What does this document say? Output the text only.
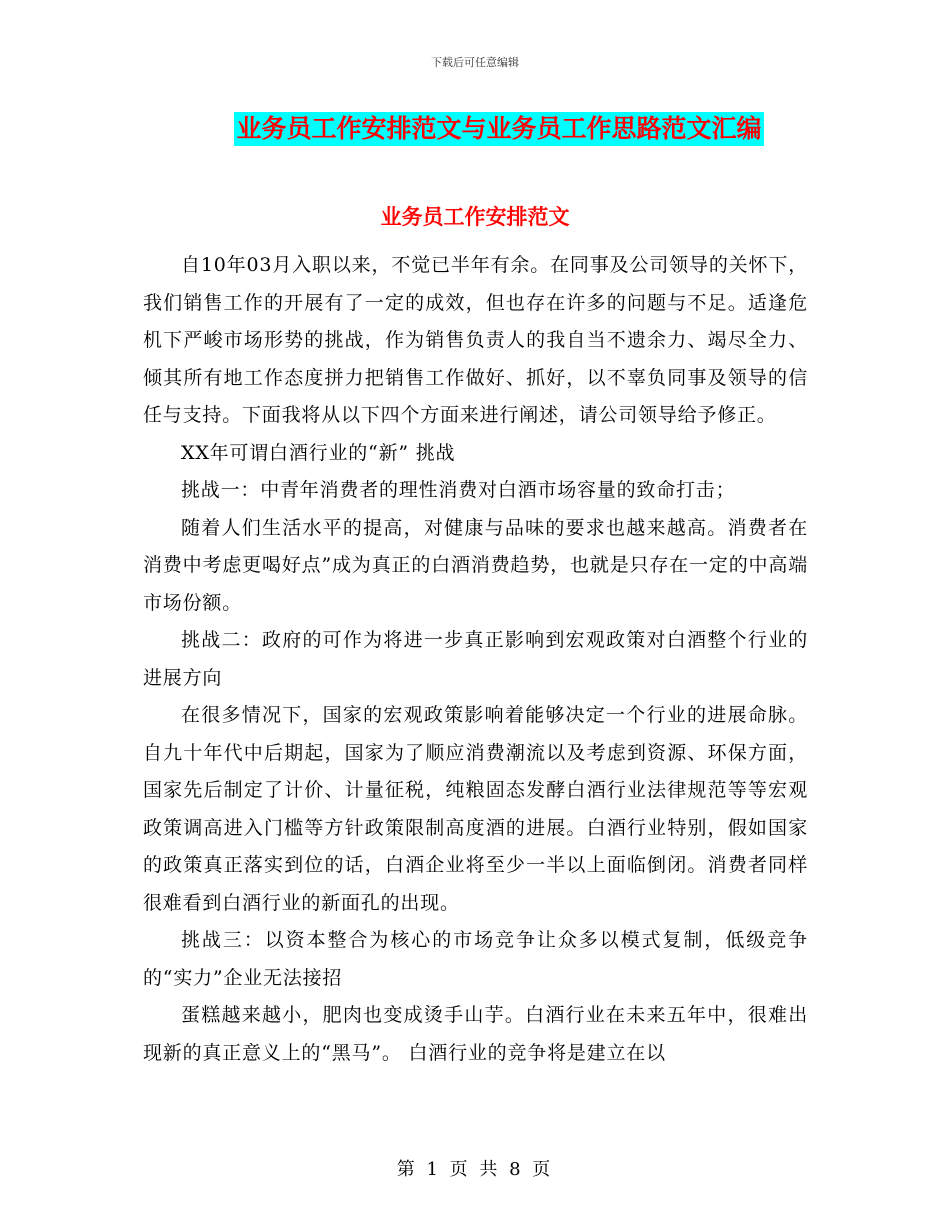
下载后可任意编辑
业务员工作安排范文与业务员工作思路范文汇编
业务员工作安排范文

自10年03月入职以来，不觉已半年有余。在同事及公司领导的关怀下，我们销售工作的开展有了一定的成效，但也存在许多的问题与不足。适逢危机下严峻市场形势的挑战，作为销售负责人的我自当不遗余力、竭尽全力、倾其所有地工作态度拼力把销售工作做好、抓好，以不辜负同事及领导的信任与支持。下面我将从以下四个方面来进行阐述，请公司领导给予修正。

XX年可谓白酒行业的“新” 挑战

挑战一：中青年消费者的理性消费对白酒市场容量的致命打击；

随着人们生活水平的提高，对健康与品味的要求也越来越高。消费者在消费中考虑更喝好点”成为真正的白酒消费趋势，也就是只存在一定的中高端市场份额。

挑战二：政府的可作为将进一步真正影响到宏观政策对白酒整个行业的进展方向

在很多情况下，国家的宏观政策影响着能够决定一个行业的进展命脉。自九十年代中后期起，国家为了顺应消费潮流以及考虑到资源、环保方面，国家先后制定了计价、计量征税，纯粮固态发酵白酒行业法律规范等等宏观政策调高进入门槛等方针政策限制高度酒的进展。白酒行业特别，假如国家的政策真正落实到位的话，白酒企业将至少一半以上面临倒闭。消费者同样很难看到白酒行业的新面孔的出现。

挑战三：以资本整合为核心的市场竞争让众多以模式复制，低级竞争的“实力”企业无法接招

蛋糕越来越小，肥肉也变成烫手山芋。白酒行业在未来五年中，很难出现新的真正意义上的“黑马”。 白酒行业的竞争将是建立在以

第 1 页 共 8 页
